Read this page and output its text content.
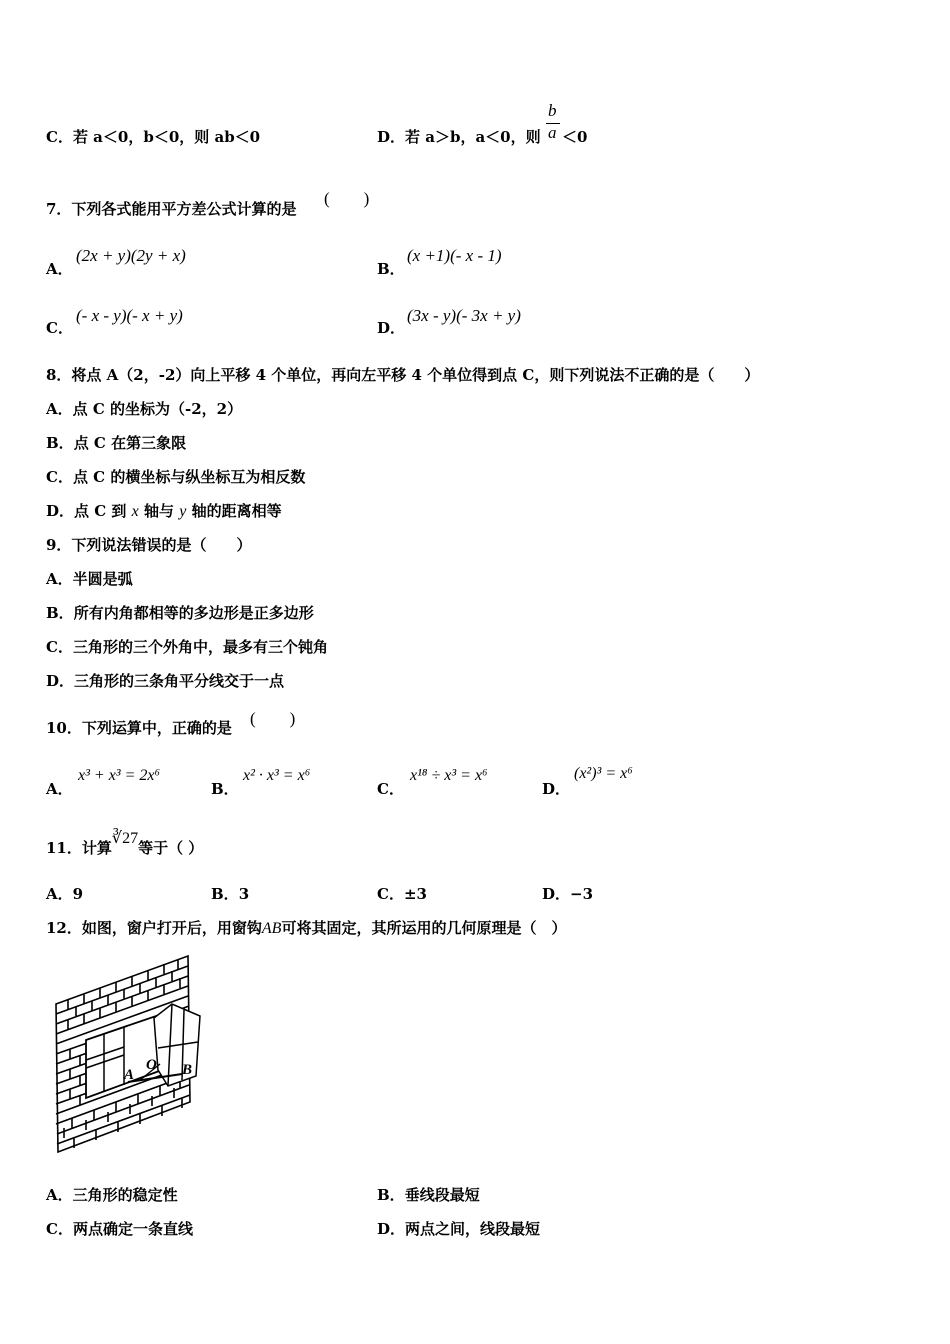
C．若 a＜0，b＜0，则 ab＜0	D．若 a＞b，a＜0，则
b
a ＜0
7．下列各式能用平方差公式计算的是
(　　)
A．
(2x + y)(2y + x)
B．
(x +1)(- x - 1)
C．
(- x - y)(- x + y)
D．
(3x - y)(- 3x + y)
8．将点 A（2，-2）向上平移 4 个单位，再向左平移 4 个单位得到点 C，则下列说法不正确的是（　　）
A．点 C 的坐标为（-2，2）
B．点 C 在第三象限
C．点 C 的横坐标与纵坐标互为相反数
D．点 C 到 x 轴与 y 轴的距离相等
9．下列说法错误的是（　　）
A．半圆是弧
B．所有内角都相等的多边形是正多边形
C．三角形的三个外角中，最多有三个钝角
D．三角形的三条角平分线交于一点
10．下列运算中，正确的是 (　　)
A．
x³ + x³ = 2x⁶
B．
x² · x³ = x⁶
C．
x¹⁸ ÷ x³ = x⁶
D．
(x²)³ = x⁶
11．计算∛27等于（ ）
A．9	B．3	C．±3	D．−3
12．如图，窗户打开后，用窗钩AB可将其固定，其所运用的几何原理是（　）
A
O B
A．三角形的稳定性	B．垂线段最短
C．两点确定一条直线	D．两点之间，线段最短
